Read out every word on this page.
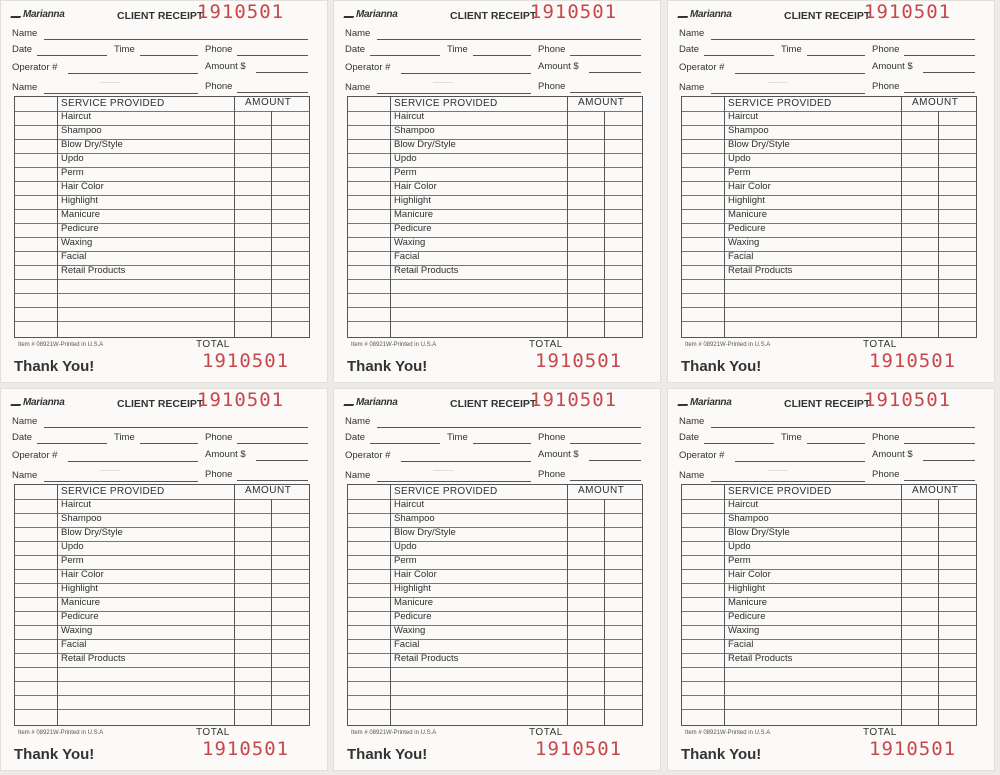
Marianna	CLIENT RECEIPT
1910501
Name
Date	Time	Phone
Operator #	Amount $
Name	~~~~~	Phone
SERVICE PROVIDED	AMOUNT
Haircut
Shampoo
Blow Dry/Style
Updo
Perm
Hair Color
Highlight
Manicure
Pedicure
Waxing
Facial
Retail Products
Item # 08921W-Printed in U.S.A	TOTAL
Thank You!	1910501
Marianna	CLIENT RECEIPT
1910501
Name
Date	Time	Phone
Operator #	Amount $
Name	~~~~~	Phone
SERVICE PROVIDED	AMOUNT
Haircut
Shampoo
Blow Dry/Style
Updo
Perm
Hair Color
Highlight
Manicure
Pedicure
Waxing
Facial
Retail Products
Item # 08921W-Printed in U.S.A	TOTAL
Thank You!	1910501
Marianna	CLIENT RECEIPT
1910501
Name
Date	Time	Phone
Operator #	Amount $
Name	~~~~~	Phone
SERVICE PROVIDED	AMOUNT
Haircut
Shampoo
Blow Dry/Style
Updo
Perm
Hair Color
Highlight
Manicure
Pedicure
Waxing
Facial
Retail Products
Item # 08921W-Printed in U.S.A	TOTAL
Thank You!	1910501
Marianna	CLIENT RECEIPT
1910501
Name
Date	Time	Phone
Operator #	Amount $
Name	~~~~~	Phone
SERVICE PROVIDED	AMOUNT
Haircut
Shampoo
Blow Dry/Style
Updo
Perm
Hair Color
Highlight
Manicure
Pedicure
Waxing
Facial
Retail Products
Item # 08921W-Printed in U.S.A	TOTAL
Thank You!	1910501
Marianna	CLIENT RECEIPT
1910501
Name
Date	Time	Phone
Operator #	Amount $
Name	~~~~~	Phone
SERVICE PROVIDED	AMOUNT
Haircut
Shampoo
Blow Dry/Style
Updo
Perm
Hair Color
Highlight
Manicure
Pedicure
Waxing
Facial
Retail Products
Item # 08921W-Printed in U.S.A	TOTAL
Thank You!	1910501
Marianna	CLIENT RECEIPT
1910501
Name
Date	Time	Phone
Operator #	Amount $
Name	~~~~~	Phone
SERVICE PROVIDED	AMOUNT
Haircut
Shampoo
Blow Dry/Style
Updo
Perm
Hair Color
Highlight
Manicure
Pedicure
Waxing
Facial
Retail Products
Item # 08921W-Printed in U.S.A	TOTAL
Thank You!	1910501
